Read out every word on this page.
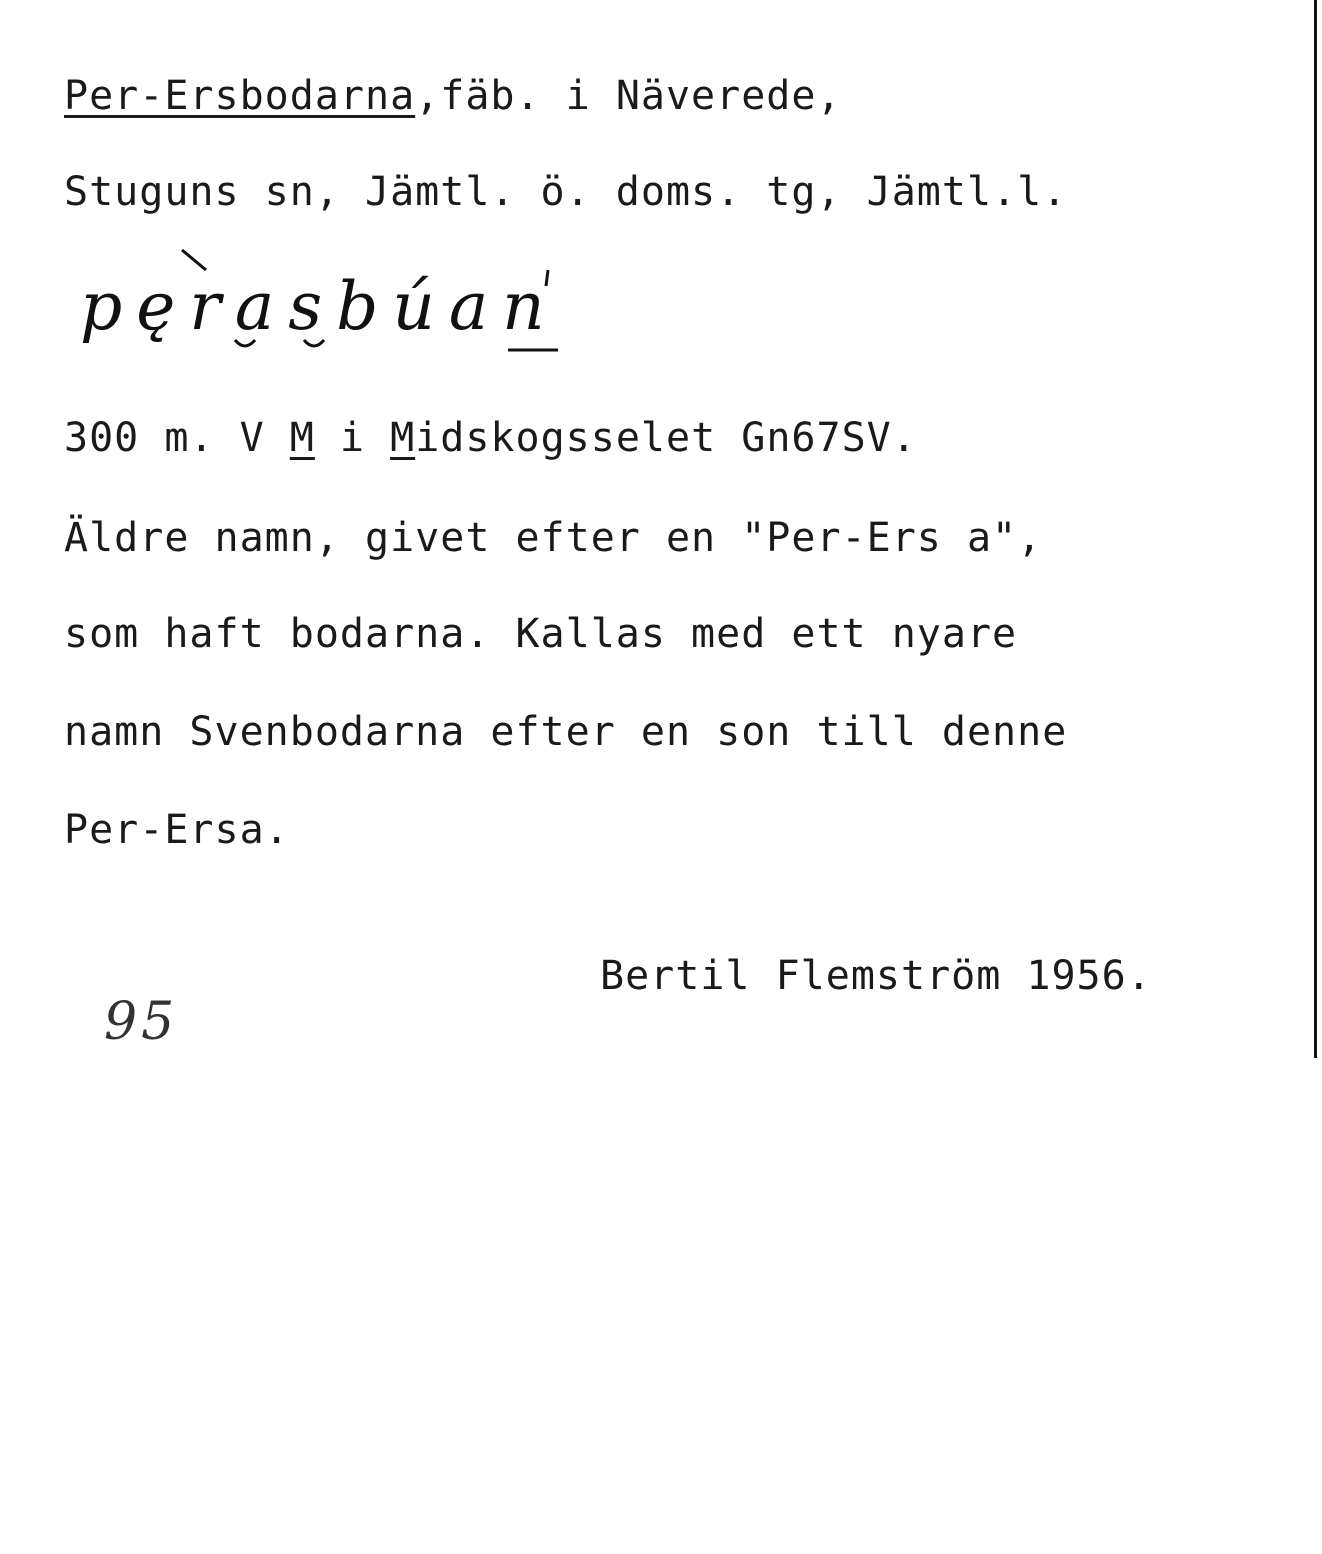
Per-Ersbodarna,fäb. i Näverede,
Stuguns sn, Jämtl. ö. doms. tg, Jämtl.l.
pęrasbúan
300 m. V M i Midskogsselet Gn67SV.
Äldre namn, givet efter en "Per-Ers a",
som haft bodarna. Kallas med ett nyare
namn Svenbodarna efter en son till denne
Per-Ersa.
Bertil Flemström 1956.
95
